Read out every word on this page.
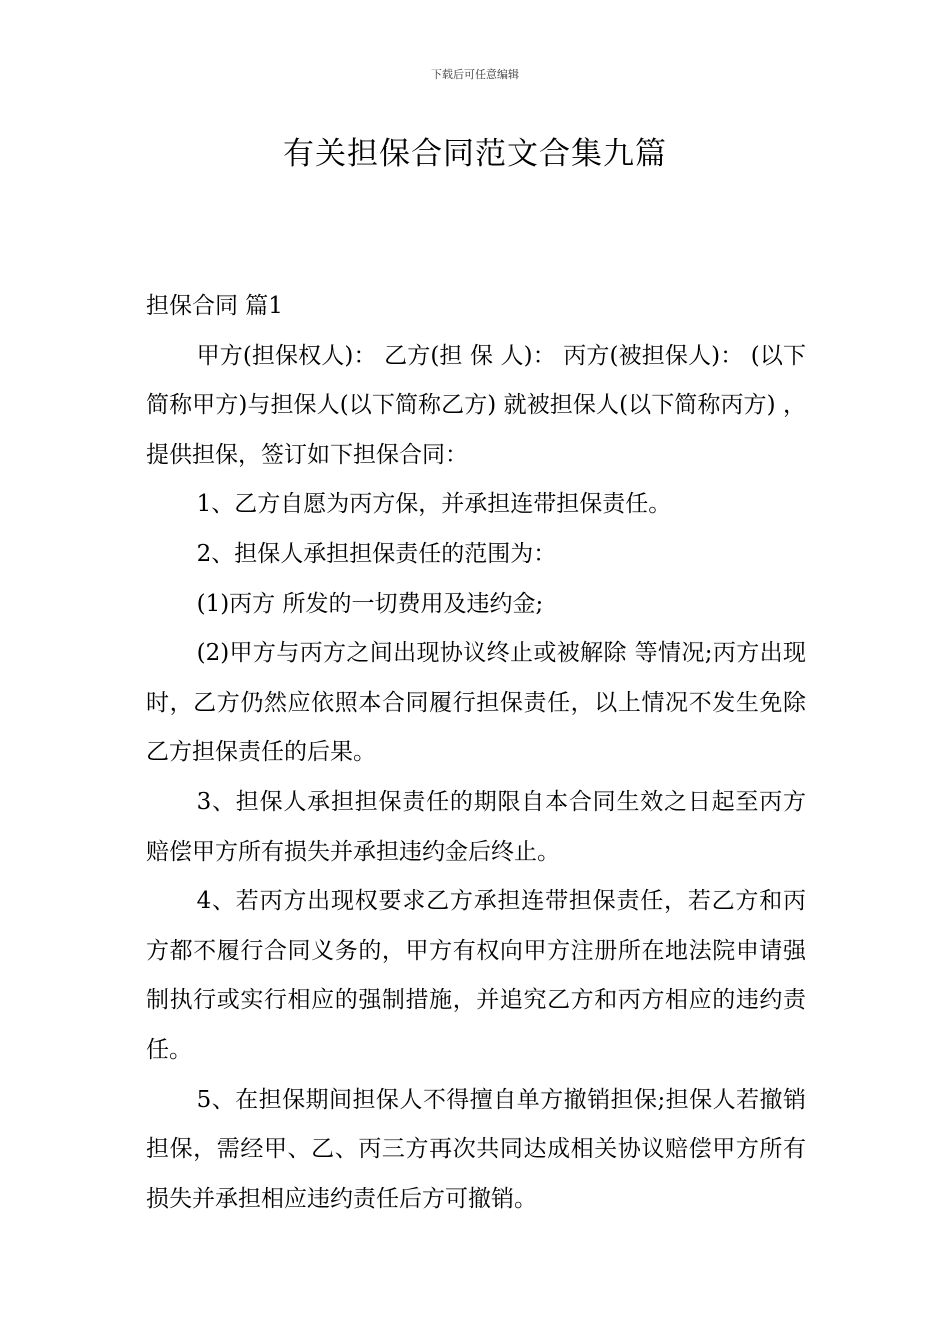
下载后可任意编辑
有关担保合同范文合集九篇

担保合同 篇1

甲方(担保权人)： 乙方(担 保 人)： 丙方(被担保人)： (以下简称甲方)与担保人(以下简称乙方) 就被担保人(以下简称丙方) ， 提供担保，签订如下担保合同：

1、乙方自愿为丙方保，并承担连带担保责任。

2、担保人承担担保责任的范围为：

(1)丙方 所发的一切费用及违约金;

(2)甲方与丙方之间出现协议终止或被解除 等情况;丙方出现 时，乙方仍然应依照本合同履行担保责任，以上情况不发生免除乙方担保责任的后果。

3、担保人承担担保责任的期限自本合同生效之日起至丙方赔偿甲方所有损失并承担违约金后终止。

4、若丙方出现权要求乙方承担连带担保责任，若乙方和丙方都不履行合同义务的，甲方有权向甲方注册所在地法院申请强制执行或实行相应的强制措施，并追究乙方和丙方相应的违约责任。

5、在担保期间担保人不得擅自单方撤销担保;担保人若撤销担保，需经甲、乙、丙三方再次共同达成相关协议赔偿甲方所有损失并承担相应违约责任后方可撤销。
